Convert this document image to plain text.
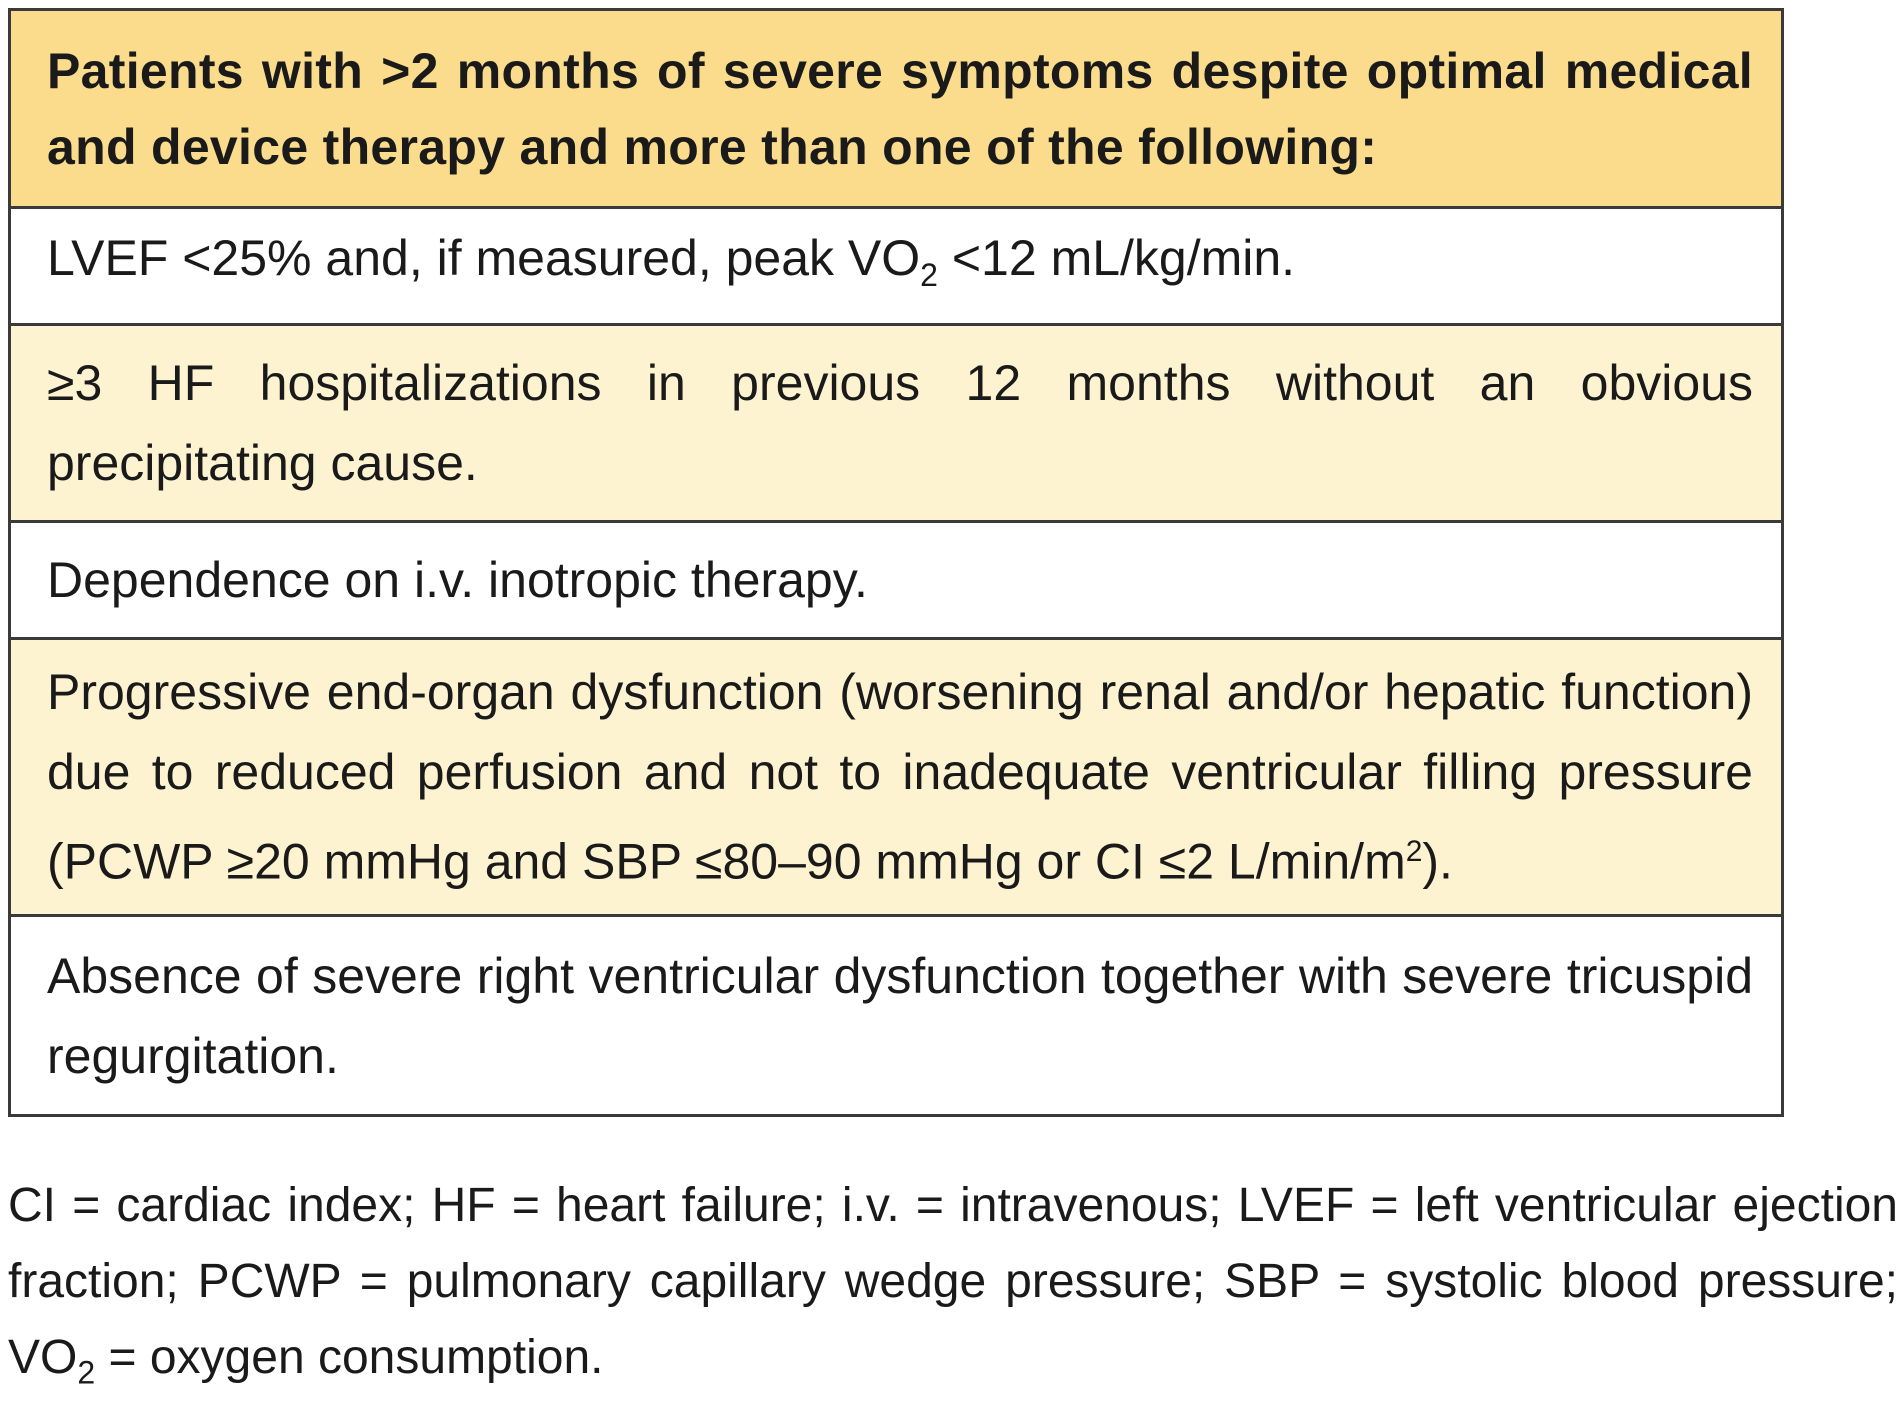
Patients with >2 months of severe symptoms despite optimal medical and device therapy and more than one of the following:
LVEF <25% and, if measured, peak $VO_2 <12$ mL/kg/min.
≥3 HF hospitalizations in previous 12 months without an obvious precipitating cause.
Dependence on i.v. inotropic therapy.
Progressive end-organ dysfunction (worsening renal and/or hepatic function) due to reduced perfusion and not to inadequate ventricular filling pressure (PCWP ≥20 mmHg and SBP ≤80–90 mmHg or CI ≤2 $L/\min/m^2$).
Absence of severe right ventricular dysfunction together with severe tricuspid regurgitation.
CI = cardiac index; HF = heart failure; i.v. = intravenous; LVEF = left ventricular ejection fraction; PCWP = pulmonary capillary wedge pressure; SBP = systolic blood pressure; $VO_2$ = oxygen consumption.
